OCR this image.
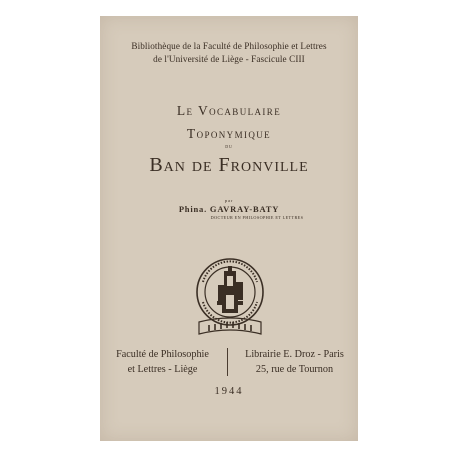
Bibliothèque de la Faculté de Philosophie et Lettres
de l'Université de Liège - Fascicule CIII
Le Vocabulaire
Toponymique
du
Ban de Fronville
par
Phina. GAVRAY-BATY
DOCTEUR EN PHILOSOPHIE ET LETTRES
Faculté de Philosophie
et Lettres - Liège
Librairie E. Droz - Paris
25, rue de Tournon
1944
